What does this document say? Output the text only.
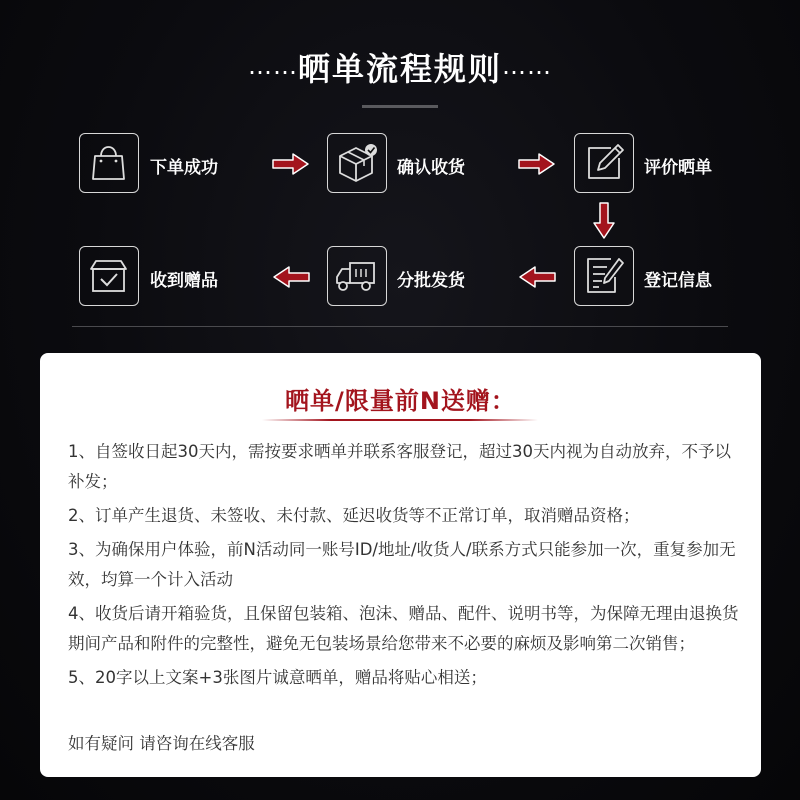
……晒单流程规则……
下单成功	确认收货	评价晒单
收到赠品	分批发货	登记信息
晒单/限量前N送赠：

1、自签收日起30天内，需按要求晒单并联系客服登记，超过30天内视为自动放弃，不予以补发；

2、订单产生退货、未签收、未付款、延迟收货等不正常订单，取消赠品资格；

3、为确保用户体验，前N活动同一账号ID/地址/收货人/联系方式只能参加一次，重复参加无效，均算一个计入活动

4、收货后请开箱验货，且保留包装箱、泡沫、赠品、配件、说明书等，为保障无理由退换货期间产品和附件的完整性，避免无包装场景给您带来不必要的麻烦及影响第二次销售；

5、20字以上文案+3张图片诚意晒单，赠品将贴心相送；

如有疑问 请咨询在线客服
